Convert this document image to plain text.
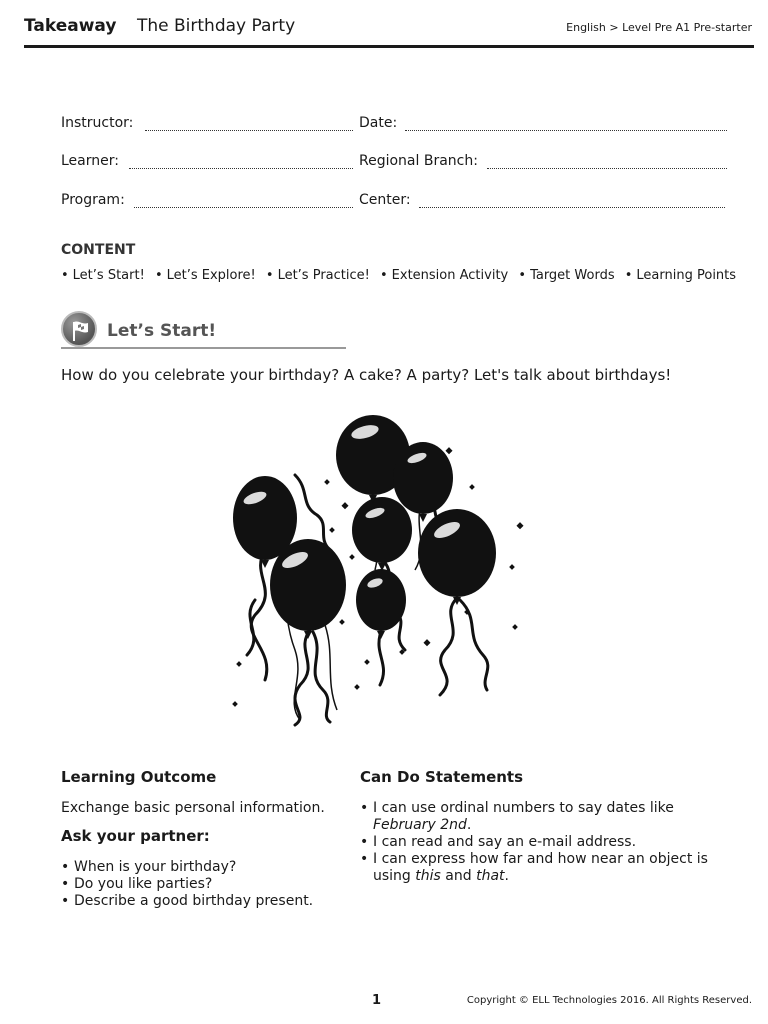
Takeaway The Birthday Party	English > Level Pre A1 Pre-starter
Instructor:	Date:
Learner:	Regional Branch:
Program:	Center:
CONTENT
• Let’s Start! • Let’s Explore! • Let’s Practice! • Extension Activity • Target Words • Learning Points
Let’s Start!
How do you celebrate your birthday? A cake? A party? Let's talk about birthdays!
Learning Outcome

Exchange basic personal information.

Ask your partner:
• When is your birthday?
• Do you like parties?
• Describe a good birthday present.
Can Do Statements
• I can use ordinal numbers to say dates like February 2nd.
• I can read and say an e-mail address.
• I can express how far and how near an object is using this and that.
1	Copyright © ELL Technologies 2016. All Rights Reserved.
